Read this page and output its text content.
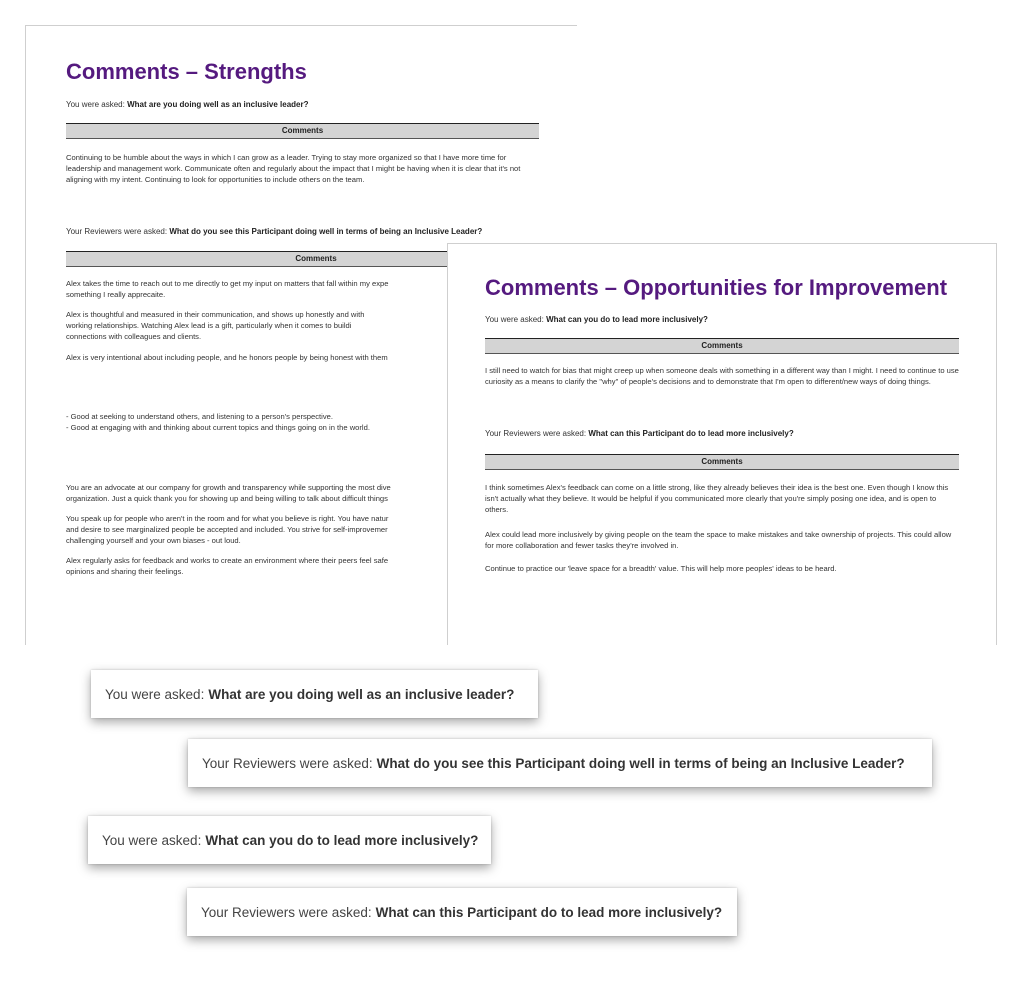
Comments – Strengths
You were asked: What are you doing well as an inclusive leader?
Comments

Continuing to be humble about the ways in which I can grow as a leader. Trying to stay more organized so that I have more time for leadership and management work. Communicate often and regularly about the impact that I might be having when it is clear that it's not aligning with my intent. Continuing to look for opportunities to include others on the team.

Your Reviewers were asked: What do you see this Participant doing well in terms of being an Inclusive Leader?
Comments

Alex takes the time to reach out to me directly to get my input on matters that fall within my expe

something I really apprecaite.

Alex is thoughtful and measured in their communication, and shows up honestly and with

working relationships. Watching Alex lead is a gift, particularly when it comes to buildi

connections with colleagues and clients.

Alex is very intentional about including people, and he honors people by being honest with them

- Good at seeking to understand others, and listening to a person's perspective.

- Good at engaging with and thinking about current topics and things going on in the world.

You are an advocate at our company for growth and transparency while supporting the most dive

organization. Just a quick thank you for showing up and being willing to talk about difficult things

You speak up for people who aren't in the room and for what you believe is right. You have natur

and desire to see marginalized people be accepted and included. You strive for self-improvemer

challenging yourself and your own biases - out loud.

Alex regularly asks for feedback and works to create an environment where their peers feel safe

opinions and sharing their feelings.

Comments – Opportunities for Improvement
You were asked: What can you do to lead more inclusively?
Comments

I still need to watch for bias that might creep up when someone deals with something in a different way than I might. I need to continue to use curiosity as a means to clarify the "why" of people's decisions and to demonstrate that I'm open to different/new ways of doing things.

Your Reviewers were asked: What can this Participant do to lead more inclusively?
Comments

I think sometimes Alex's feedback can come on a little strong, like they already believes their idea is the best one. Even though I know this isn't actually what they believe. It would be helpful if you communicated more clearly that you're simply posing one idea, and is open to others.

Alex could lead more inclusively by giving people on the team the space to make mistakes and take ownership of projects. This could allow for more collaboration and fewer tasks they're involved in.

Continue to practice our 'leave space for a breadth' value. This will help more peoples' ideas to be heard.

You were asked: What are you doing well as an inclusive leader?
Your Reviewers were asked: What do you see this Participant doing well in terms of being an Inclusive Leader?
You were asked: What can you do to lead more inclusively?
Your Reviewers were asked: What can this Participant do to lead more inclusively?
